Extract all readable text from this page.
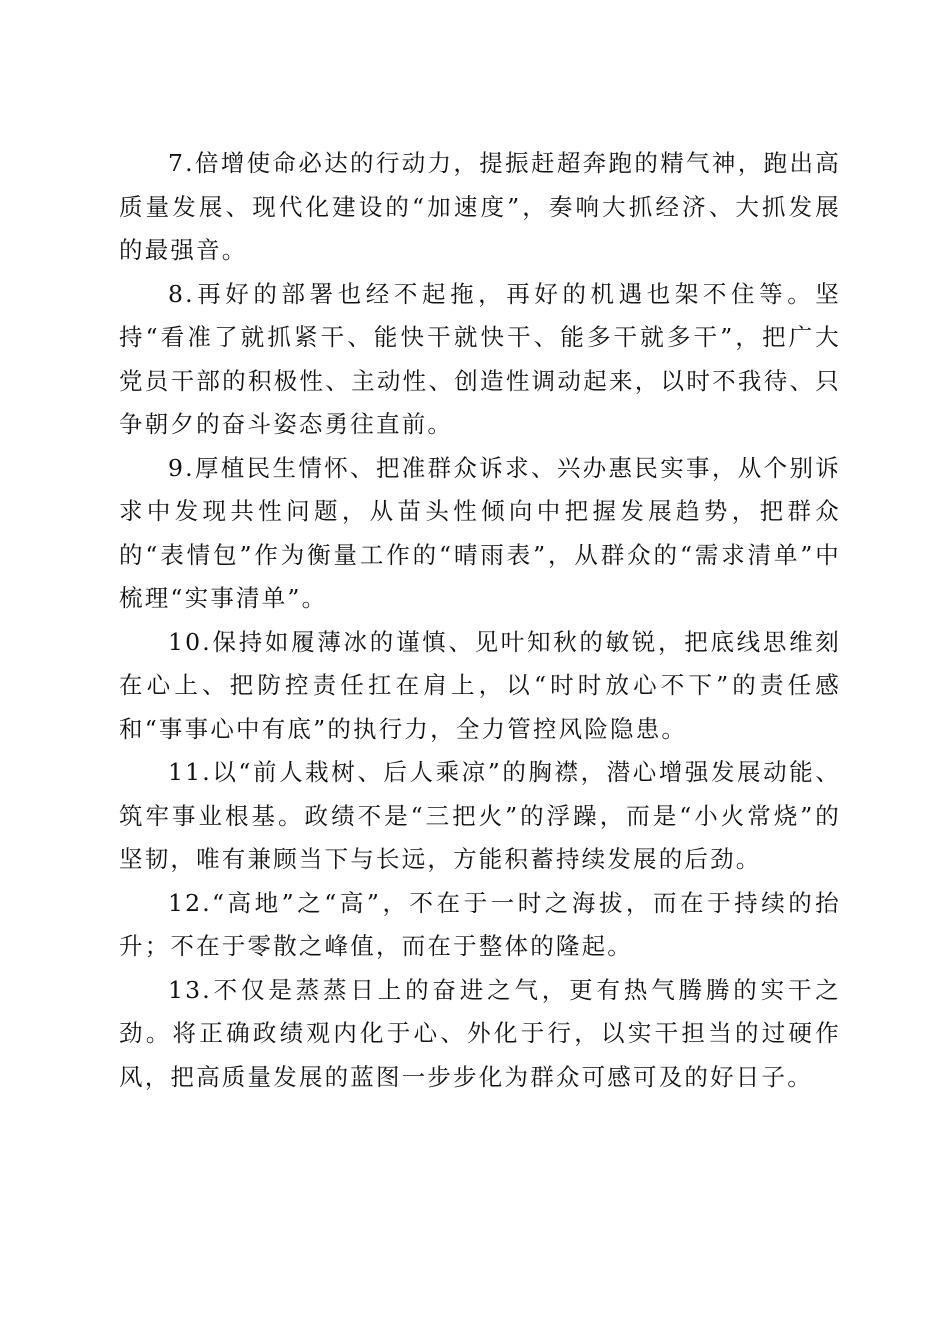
7.倍增使命必达的行动力，提振赶超奔跑的精气神，跑出高质量发展、现代化建设的“加速度”，奏响大抓经济、大抓发展的最强音。

8.再好的部署也经不起拖，再好的机遇也架不住等。坚持“看准了就抓紧干、能快干就快干、能多干就多干”，把广大党员干部的积极性、主动性、创造性调动起来，以时不我待、只争朝夕的奋斗姿态勇往直前。

9.厚植民生情怀、把准群众诉求、兴办惠民实事，从个别诉求中发现共性问题，从苗头性倾向中把握发展趋势，把群众的“表情包”作为衡量工作的“晴雨表”，从群众的“需求清单”中梳理“实事清单”。

10.保持如履薄冰的谨慎、见叶知秋的敏锐，把底线思维刻在心上、把防控责任扛在肩上，以“时时放心不下”的责任感和“事事心中有底”的执行力，全力管控风险隐患。

11.以“前人栽树、后人乘凉”的胸襟，潜心增强发展动能、筑牢事业根基。政绩不是“三把火”的浮躁，而是“小火常烧”的坚韧，唯有兼顾当下与长远，方能积蓄持续发展的后劲。

12.“高地”之“高”，不在于一时之海拔，而在于持续的抬升；不在于零散之峰值，而在于整体的隆起。

13.不仅是蒸蒸日上的奋进之气，更有热气腾腾的实干之劲。将正确政绩观内化于心、外化于行，以实干担当的过硬作风，把高质量发展的蓝图一步步化为群众可感可及的好日子。
